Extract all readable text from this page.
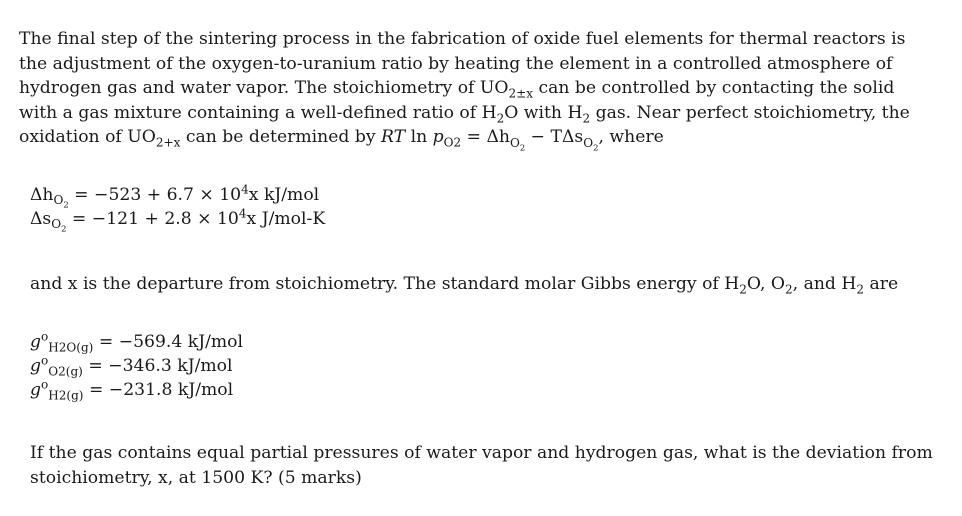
The final step of the sintering process in the fabrication of oxide fuel elements for thermal reactors is
the adjustment of the oxygen-to-uranium ratio by heating the element in a controlled atmosphere of
hydrogen gas and water vapor. The stoichiometry of $UO_{2\pm x}$ can be controlled by contacting the solid
with a gas mixture containing a well-defined ratio of $H_2O$ with $H_2$ gas. Near perfect stoichiometry, the
oxidation of $UO_{2+x}$ can be determined by RT $\ln p_{O2} = \Delta h_{O_2} - T\Delta s_{O_2}$, where
$\Delta h_{O_2} = -523 + 6.7 \times 10^4x$ kJ/mol
$\Delta s_{O_2} = -121 + 2.8 \times 10^4x$ J/mol-K
and x is the departure from stoichiometry. The standard molar Gibbs energy of $H_2O$, $O_2$, and $H_2$ are
$g^o_{H2O(g)} = -569.4$ kJ/mol
$g^o_{O2(g)} = -346.3$ kJ/mol
$g^o_{H2(g)} = -231.8$ kJ/mol
If the gas contains equal partial pressures of water vapor and hydrogen gas, what is the deviation from
stoichiometry, x, at 1500 K? (5 marks)
